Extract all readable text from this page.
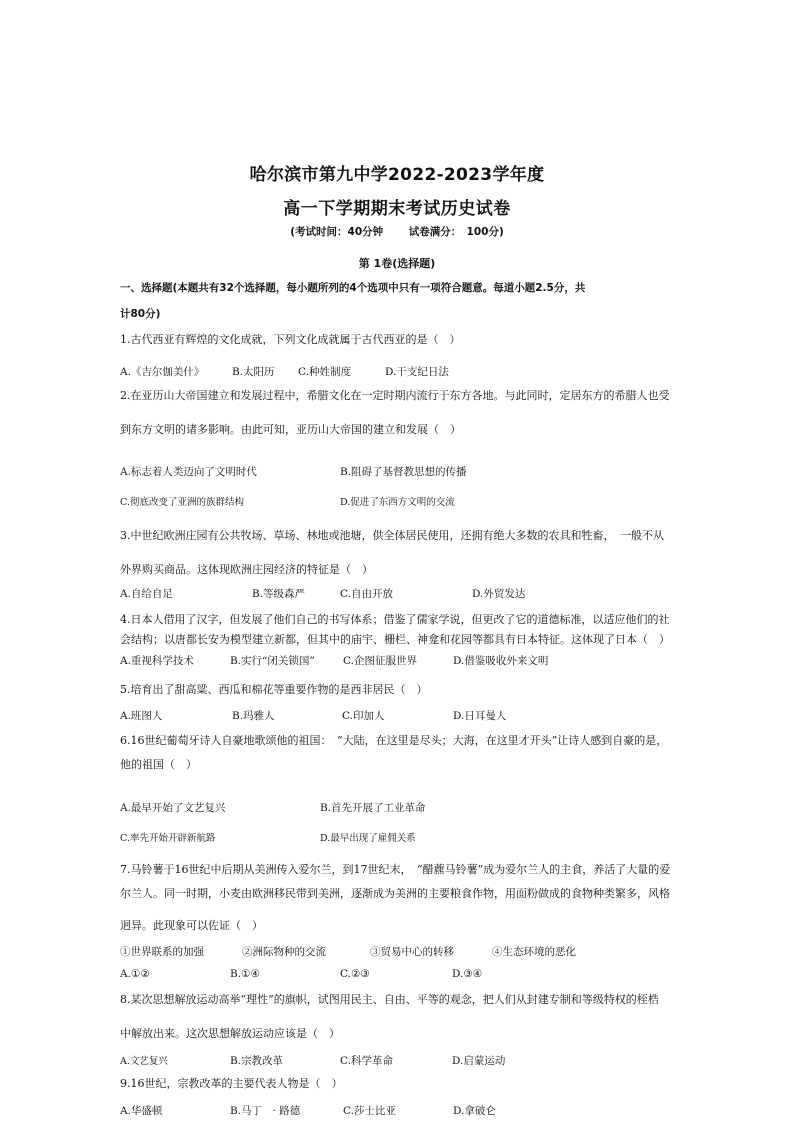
哈尔滨市第九中学2022-2023学年度
高一下学期期末考试历史试卷
(考试时间：40分钟 试卷满分：　100分)
第 1卷(选择题)
一、选择题(本题共有32个选择题，每小题所列的4个选项中只有一项符合题意。每道小题2.5分，共
计80分)
1.古代西亚有辉煌的文化成就，下列文化成就属于古代西亚的是（　）
A.《吉尔伽美什》	B.太阳历 C.种姓制度	D.干支纪日法
2.在亚历山大帝国建立和发展过程中，希腊文化在一定时期内流行于东方各地。与此同时，定居东方的希腊人也受
到东方文明的诸多影响。由此可知，亚历山大帝国的建立和发展（　）
A.标志着人类迈向了文明时代	B.阻碍了基督教思想的传播
C.彻底改变了亚洲的族群结构	D.促进了东西方文明的交流
3.中世纪欧洲庄园有公共牧场、草场、林地或池塘，供全体居民使用，还拥有绝大多数的农具和牲畜，　一般不从
外界购买商品。这体现欧洲庄园经济的特征是（　）
A.自给自足	B.等级森严	C.自由开放	D.外贸发达
4.日本人借用了汉字，但发展了他们自己的书写体系；借鉴了儒家学说，但更改了它的道德标准，以适应他们的社
会结构；以唐都长安为模型建立新都，但其中的庙宇、栅栏、神龛和花园等都具有日本特征。这体现了日本（　）
A.重视科学技术	B.实行“闭关锁国”	C.企图征服世界	D.借鉴吸收外来文明
5.培育出了甜高粱、西瓜和棉花等重要作物的是西非居民（　）
A.班图人	B.玛雅人	C.印加人	D.日耳曼人
6.16世纪葡萄牙诗人自豪地歌颂他的祖国：　“大陆，在这里是尽头；大海，在这里才开头”让诗人感到自豪的是，
他的祖国（　）
A.最早开始了文艺复兴	B.首先开展了工业革命
C.率先开始开辟新航路	D.最早出现了雇佣关系
7.马铃薯于16世纪中后期从美洲传入爱尔兰，到17世纪末，　“醋藨马铃薯”成为爱尔兰人的主食，养活了大量的爱
尔兰人。同一时期，小麦由欧洲移民带到美洲，逐渐成为美洲的主要粮食作物，用面粉做成的食物种类繁多，风格
迥异。此现象可以佐证（　）
①世界联系的加强	②洲际物种的交流	③贸易中心的转移	④生态环境的恶化
A.①②	B.①④	C.②③	D.③④
8.某次思想解放运动高举“理性”的旗帜，试图用民主、自由、平等的观念，把人们从封建专制和等级特权的桎梏
中解放出来。这次思想解放运动应该是（　）
A.文艺复兴	B.宗教改革	C.科学革命	D.启蒙运动
9.16世纪，宗教改革的主要代表人物是（　）
A.华盛顿	B.马丁　· 路德	C.莎士比亚	D.拿破仑
